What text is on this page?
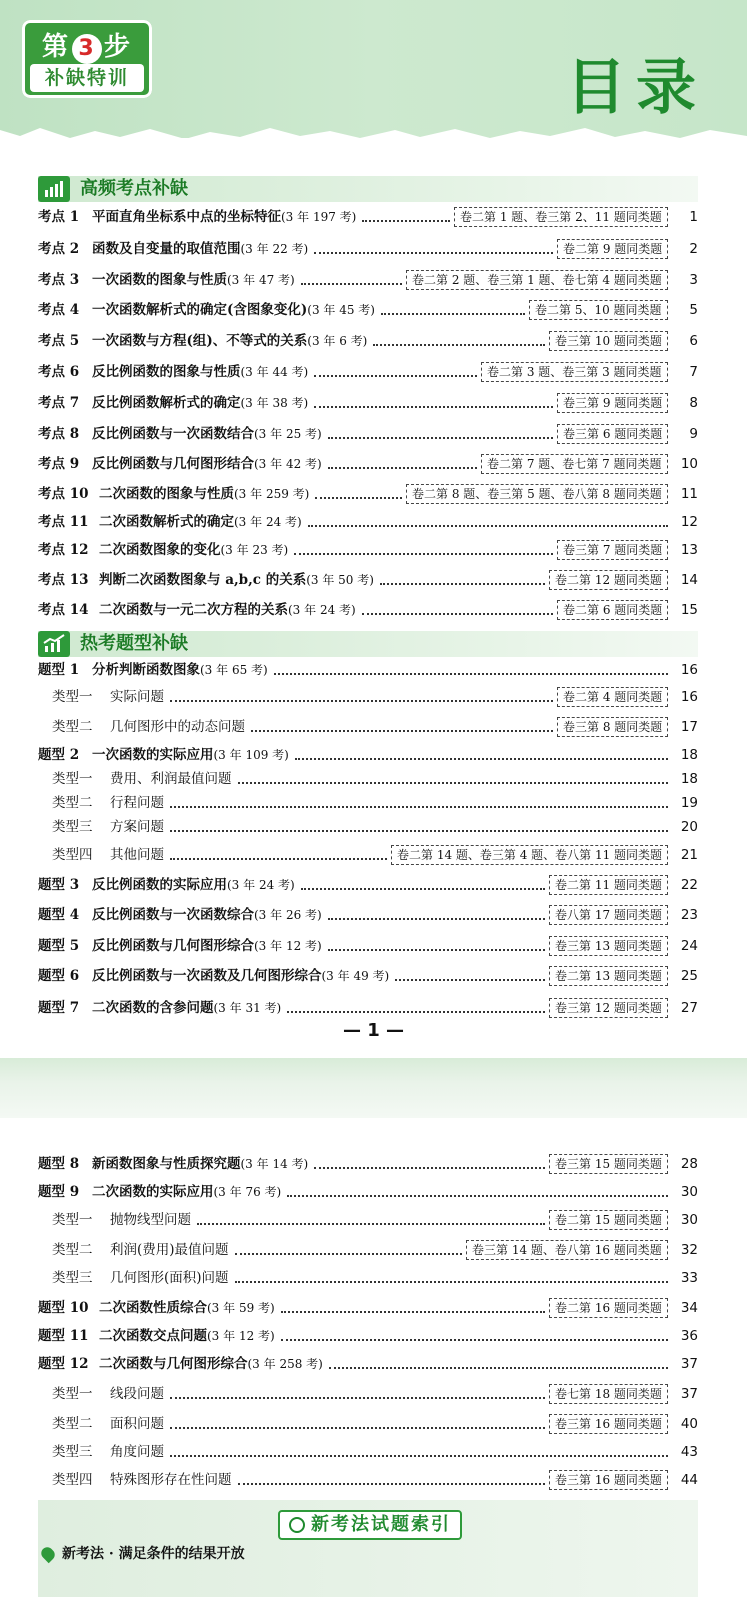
第 3 步
补缺特训	目录
高频考点补缺
热考题型补缺
考点 1 平面直角坐标系中点的坐标特征(3 年 197 考)	卷二第 1 题、卷三第 2、11 题同类题	1
考点 2 函数及自变量的取值范围(3 年 22 考)	卷二第 9 题同类题	2
考点 3 一次函数的图象与性质(3 年 47 考)	卷二第 2 题、卷三第 1 题、卷七第 4 题同类题	3
考点 4 一次函数解析式的确定(含图象变化)(3 年 45 考)	卷二第 5、10 题同类题	5
考点 5 一次函数与方程(组)、不等式的关系(3 年 6 考)	卷三第 10 题同类题	6
考点 6 反比例函数的图象与性质(3 年 44 考)	卷二第 3 题、卷三第 3 题同类题	7
考点 7 反比例函数解析式的确定(3 年 38 考)	卷三第 9 题同类题	8
考点 8 反比例函数与一次函数结合(3 年 25 考)	卷三第 6 题同类题	9
考点 9 反比例函数与几何图形结合(3 年 42 考)	卷二第 7 题、卷七第 7 题同类题	10
考点 10 二次函数的图象与性质(3 年 259 考)	卷二第 8 题、卷三第 5 题、卷八第 8 题同类题	11
考点 11 二次函数解析式的确定(3 年 24 考)	12
考点 12 二次函数图象的变化(3 年 23 考)	卷三第 7 题同类题	13
考点 13 判断二次函数图象与 a,b,c 的关系(3 年 50 考)	卷二第 12 题同类题	14
考点 14 二次函数与一元二次方程的关系(3 年 24 考)	卷二第 6 题同类题	15
题型 1 分析判断函数图象(3 年 65 考)	16
类型一 实际问题	卷二第 4 题同类题	16
类型二 几何图形中的动态问题	卷三第 8 题同类题	17
题型 2 一次函数的实际应用(3 年 109 考)	18
类型一 费用、利润最值问题	18
类型二 行程问题	19
类型三 方案问题	20
类型四 其他问题	卷二第 14 题、卷三第 4 题、卷八第 11 题同类题	21
题型 3 反比例函数的实际应用(3 年 24 考)	卷二第 11 题同类题	22
题型 4 反比例函数与一次函数综合(3 年 26 考)	卷八第 17 题同类题	23
题型 5 反比例函数与几何图形综合(3 年 12 考)	卷三第 13 题同类题	24
题型 6 反比例函数与一次函数及几何图形综合(3 年 49 考)	卷二第 13 题同类题	25
题型 7 二次函数的含参问题(3 年 31 考)	卷三第 12 题同类题	27
— 1 —
题型 8 新函数图象与性质探究题(3 年 14 考)	卷三第 15 题同类题	28
题型 9 二次函数的实际应用(3 年 76 考)	30
类型一 抛物线型问题	卷二第 15 题同类题	30
类型二 利润(费用)最值问题	卷三第 14 题、卷八第 16 题同类题	32
类型三 几何图形(面积)问题	33
题型 10 二次函数性质综合(3 年 59 考)	卷二第 16 题同类题	34
题型 11 二次函数交点问题(3 年 12 考)	36
题型 12 二次函数与几何图形综合(3 年 258 考)	37
类型一 线段问题	卷七第 18 题同类题	37
类型二 面积问题	卷三第 16 题同类题	40
类型三 角度问题	43
类型四 特殊图形存在性问题	卷三第 16 题同类题	44
新考法试题索引
新考法 · 满足条件的结果开放
